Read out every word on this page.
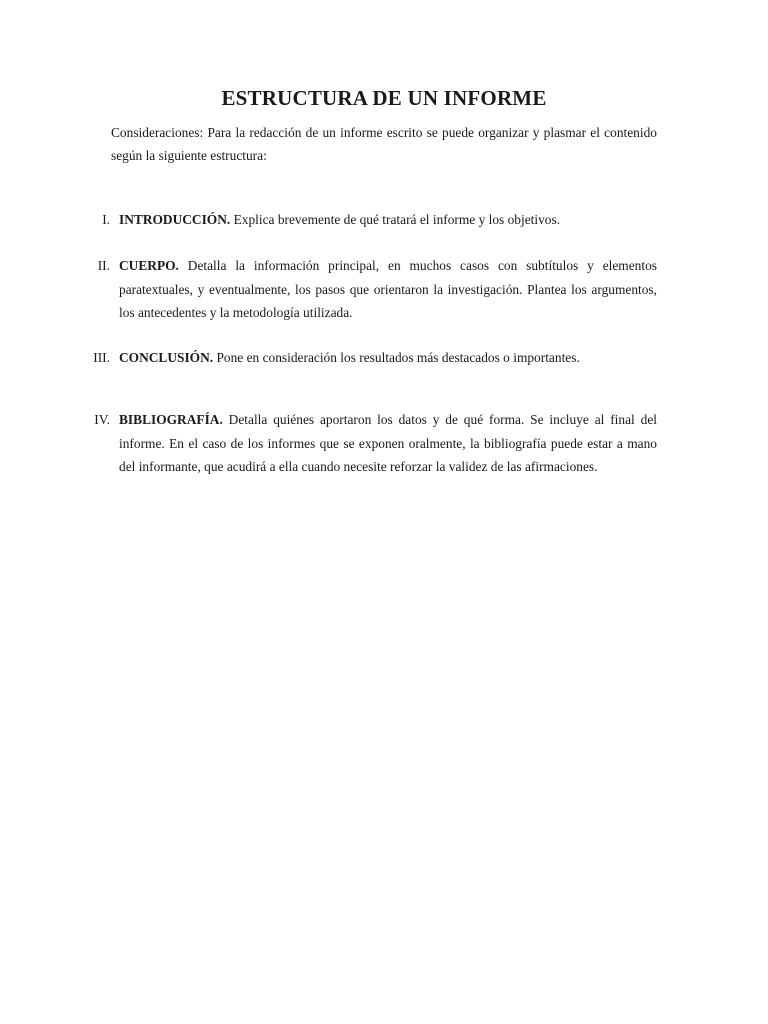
ESTRUCTURA DE UN INFORME
Consideraciones: Para la redacción de un informe escrito se puede organizar y plasmar el contenido según la siguiente estructura:
I. INTRODUCCIÓN. Explica brevemente de qué tratará el informe y los objetivos.
II. CUERPO. Detalla la información principal, en muchos casos con subtítulos y elementos paratextuales, y eventualmente, los pasos que orientaron la investigación. Plantea los argumentos, los antecedentes y la metodología utilizada.
III. CONCLUSIÓN. Pone en consideración los resultados más destacados o importantes.
IV. BIBLIOGRAFÍA. Detalla quiénes aportaron los datos y de qué forma. Se incluye al final del informe. En el caso de los informes que se exponen oralmente, la bibliografía puede estar a mano del informante, que acudirá a ella cuando necesite reforzar la validez de las afirmaciones.
